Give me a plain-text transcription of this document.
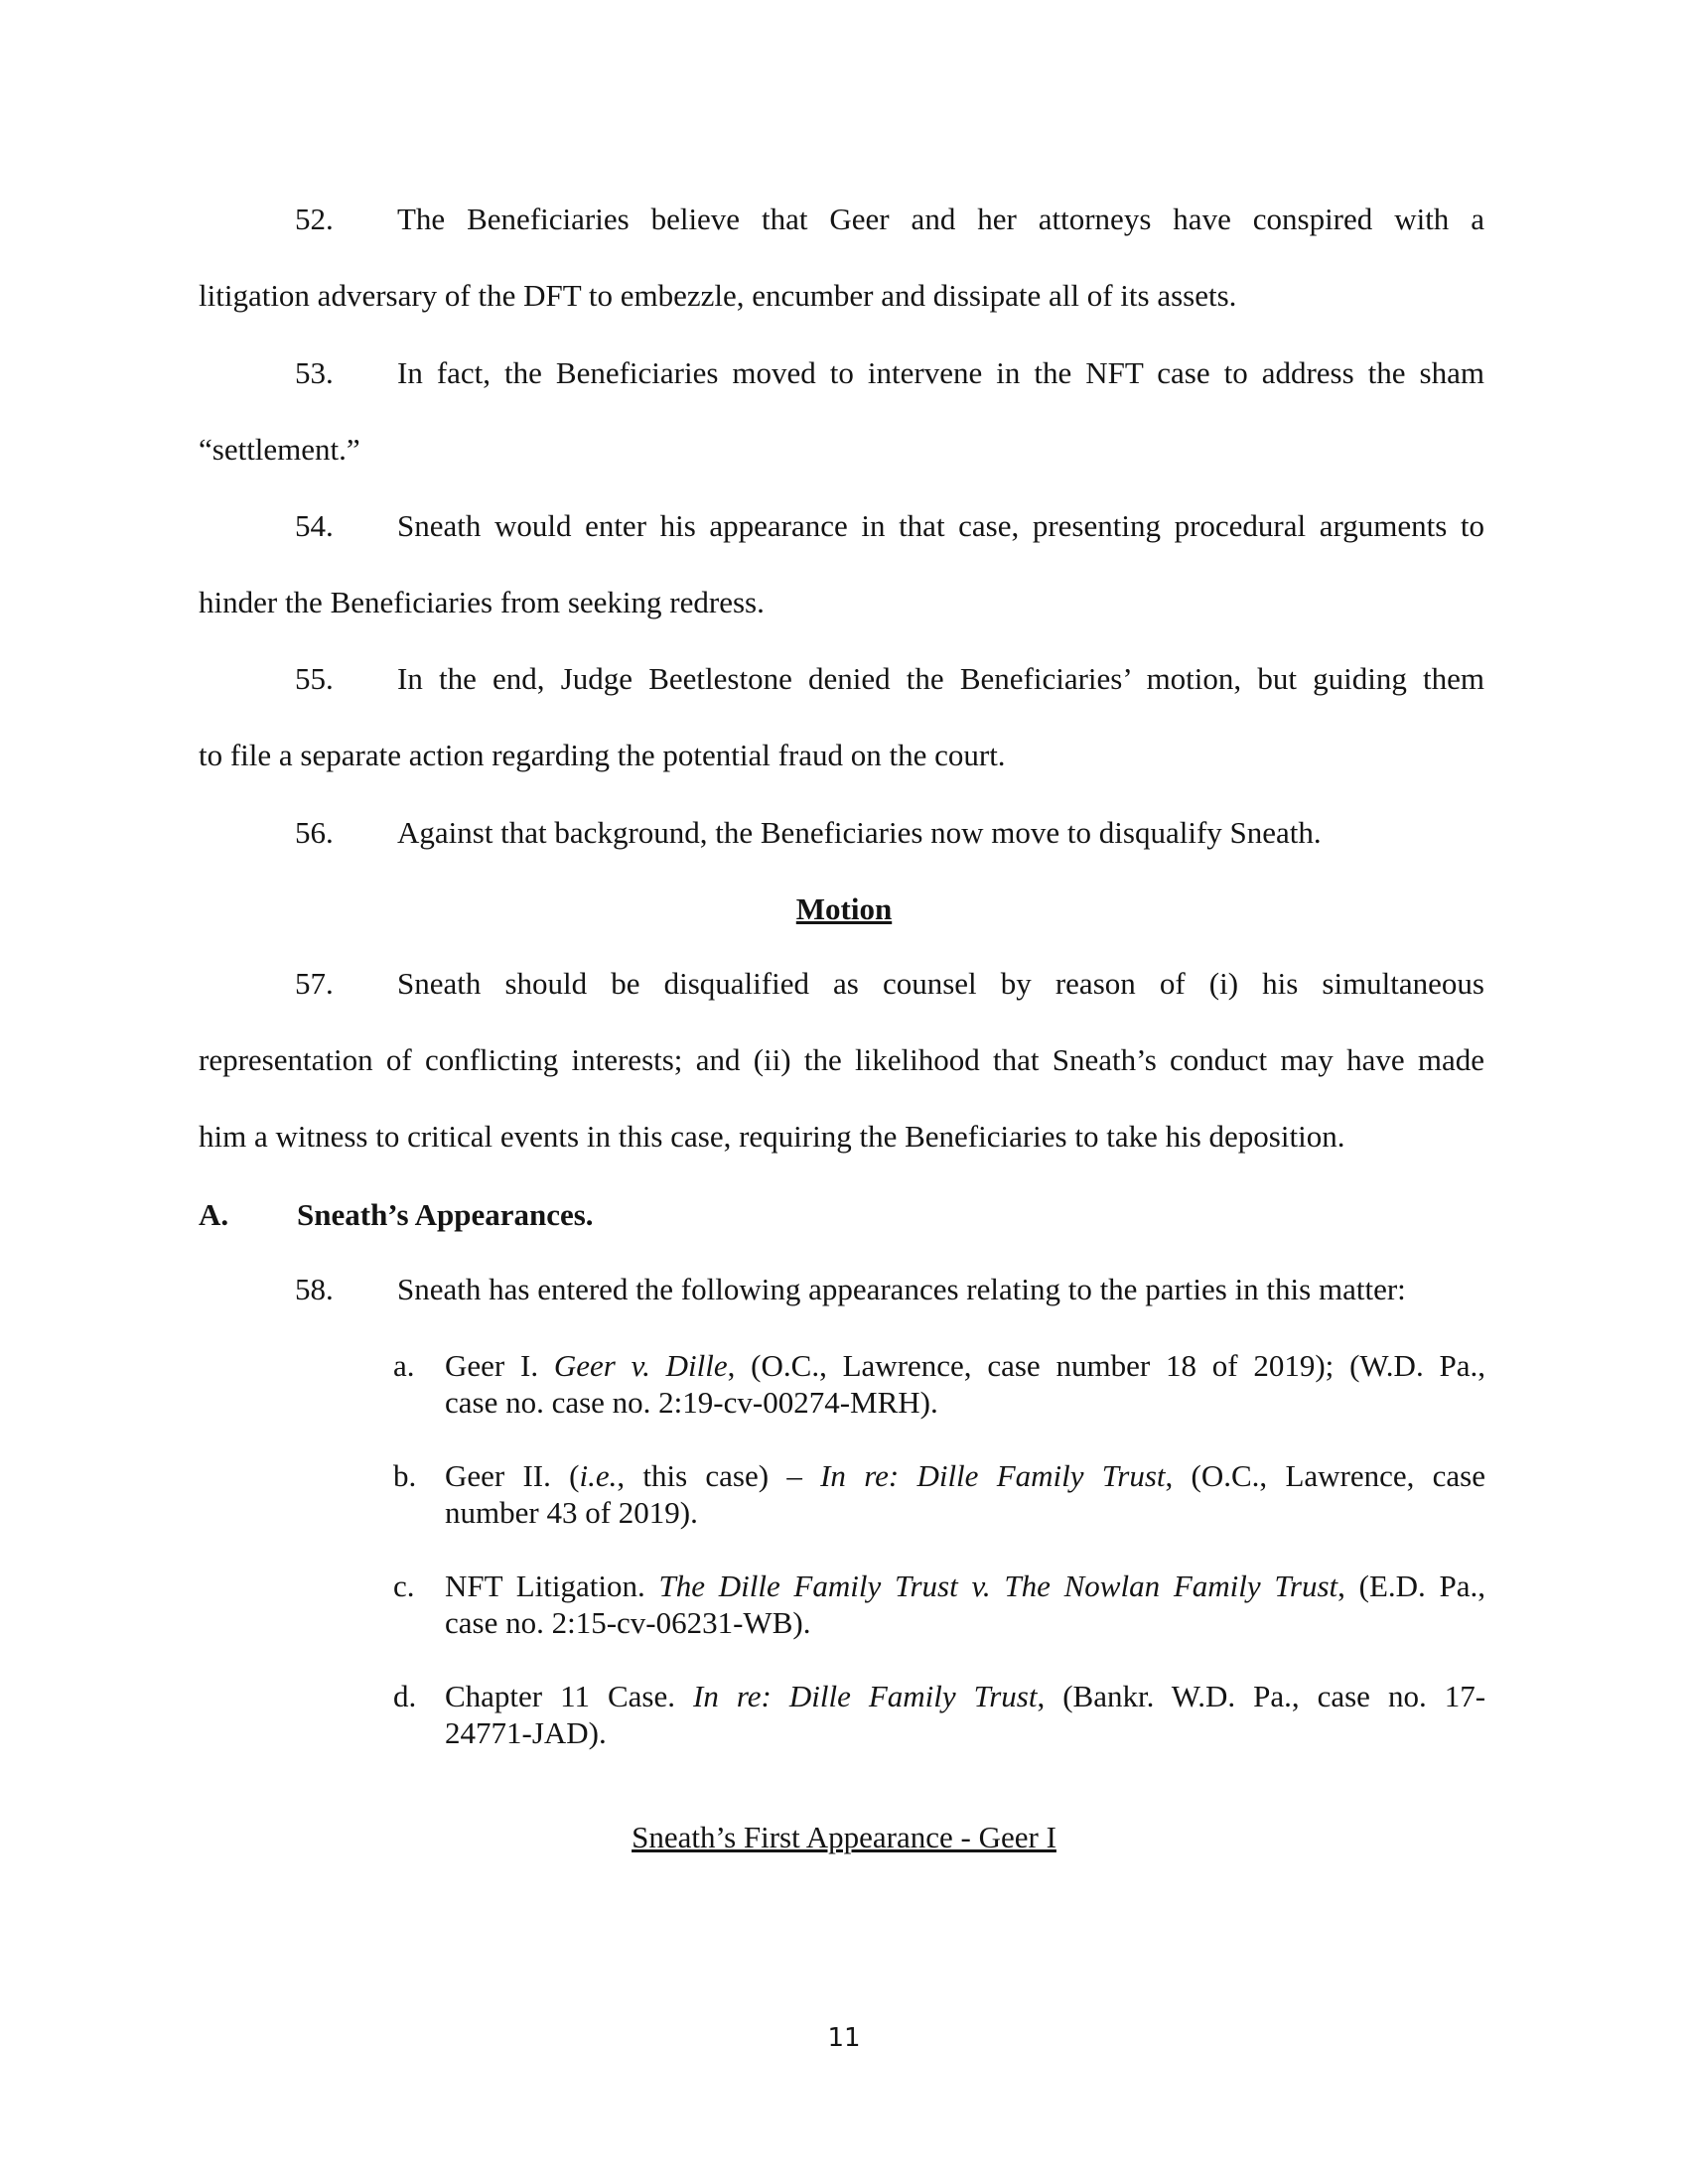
52. The Beneficiaries believe that Geer and her attorneys have conspired with a
litigation adversary of the DFT to embezzle, encumber and dissipate all of its assets.
53. In fact, the Beneficiaries moved to intervene in the NFT case to address the sham
“settlement.”
54. Sneath would enter his appearance in that case, presenting procedural arguments to
hinder the Beneficiaries from seeking redress.
55. In the end, Judge Beetlestone denied the Beneficiaries’ motion, but guiding them
to file a separate action regarding the potential fraud on the court.
56. Against that background, the Beneficiaries now move to disqualify Sneath.
Motion
57. Sneath should be disqualified as counsel by reason of (i) his simultaneous
representation of conflicting interests; and (ii) the likelihood that Sneath’s conduct may have made
him a witness to critical events in this case, requiring the Beneficiaries to take his deposition.
A. Sneath’s Appearances.
58. Sneath has entered the following appearances relating to the parties in this matter:
a. Geer I. Geer v. Dille, (O.C., Lawrence, case number 18 of 2019); (W.D. Pa.,
case no. case no. 2:19-cv-00274-MRH).
b. Geer II. (i.e., this case) – In re: Dille Family Trust, (O.C., Lawrence, case
number 43 of 2019).
c. NFT Litigation. The Dille Family Trust v. The Nowlan Family Trust, (E.D. Pa.,
case no. 2:15-cv-06231-WB).
d. Chapter 11 Case. In re: Dille Family Trust, (Bankr. W.D. Pa., case no. 17-
24771-JAD).
Sneath’s First Appearance - Geer I
11
